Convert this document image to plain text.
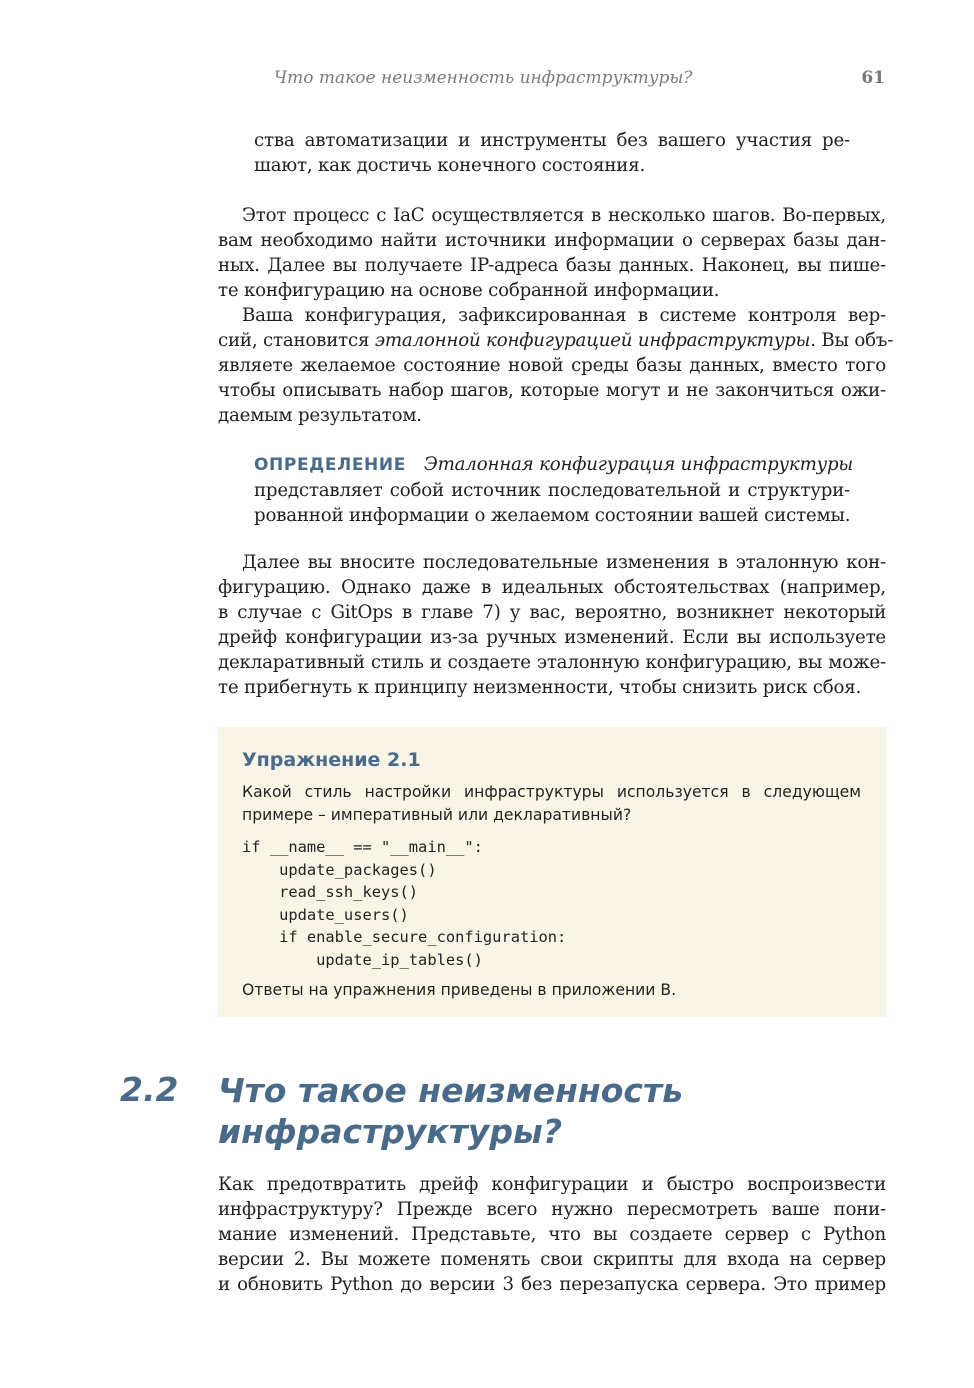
Что такое неизменность инфраструктуры?	61
ства автоматизации и инструменты без вашего участия ре-
шают, как достичь конечного состояния.
Этот процесс с IaC осуществляется в несколько шагов. Во-первых,
вам необходимо найти источники информации о серверах базы дан-
ных. Далее вы получаете IP-адреса базы данных. Наконец, вы пише-
те конфигурацию на основе собранной информации.
Ваша конфигурация, зафиксированная в системе контроля вер-
сий, становится эталонной конфигурацией инфраструктуры. Вы объ-
являете желаемое состояние новой среды базы данных, вместо того
чтобы описывать набор шагов, которые могут и не закончиться ожи-
даемым результатом.
ОПРЕДЕЛЕНИЕ Эталонная конфигурация инфраструктуры
представляет собой источник последовательной и структури-
рованной информации о желаемом состоянии вашей системы.
Далее вы вносите последовательные изменения в эталонную кон-
фигурацию. Однако даже в идеальных обстоятельствах (например,
в случае с GitOps в главе 7) у вас, вероятно, возникнет некоторый
дрейф конфигурации из-за ручных изменений. Если вы используете
декларативный стиль и создаете эталонную конфигурацию, вы може-
те прибегнуть к принципу неизменности, чтобы снизить риск сбоя.
Упражнение 2.1
Какой стиль настройки инфраструктуры используется в следующем
примере – императивный или декларативный?
if __name__ == "__main__":
update_packages()
read_ssh_keys()
update_users()
if enable_secure_configuration:
update_ip_tables()
Ответы на упражнения приведены в приложении В.
2.2 Что такое неизменность
инфраструктуры?
Как предотвратить дрейф конфигурации и быстро воспроизвести
инфраструктуру? Прежде всего нужно пересмотреть ваше пони-
мание изменений. Представьте, что вы создаете сервер с Python
версии 2. Вы можете поменять свои скрипты для входа на сервер
и обновить Python до версии 3 без перезапуска сервера. Это пример
